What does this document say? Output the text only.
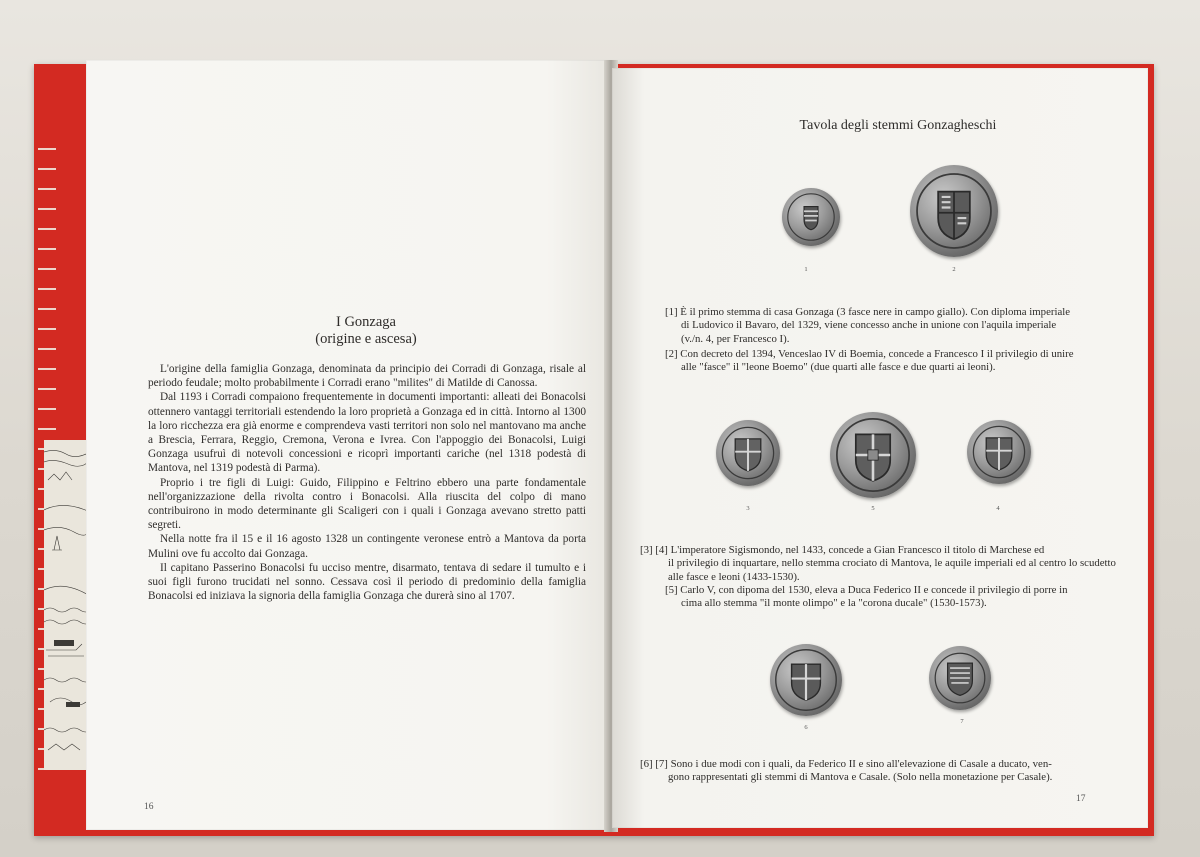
I Gonzaga
(origine e ascesa)

L'origine della famiglia Gonzaga, denominata da principio dei Corradi di Gonzaga, risale al periodo feudale; molto probabilmente i Corradi erano "milites" di Matilde di Canossa.

Dal 1193 i Corradi compaiono frequentemente in documenti importanti: alleati dei Bonacolsi ottennero vantaggi territoriali estendendo la loro proprietà a Gonzaga ed in città. Intorno al 1300 la loro ricchezza era già enorme e comprendeva vasti territori non solo nel mantovano ma anche a Brescia, Ferrara, Reggio, Cremona, Verona e Ivrea. Con l'appoggio dei Bonacolsi, Luigi Gonzaga usufruì di notevoli concessioni e ricoprì importanti cariche (nel 1318 podestà di Mantova, nel 1319 podestà di Parma).

Proprio i tre figli di Luigi: Guido, Filippino e Feltrino ebbero una parte fondamentale nell'organizzazione della rivolta contro i Bonacolsi. Alla riuscita del colpo di mano contribuirono in modo determinante gli Scaligeri con i quali i Gonzaga avevano stretto patti segreti.

Nella notte fra il 15 e il 16 agosto 1328 un contingente veronese entrò a Mantova da porta Mulini ove fu accolto dai Gonzaga.

Il capitano Passerino Bonacolsi fu ucciso mentre, disarmato, tentava di sedare il tumulto e i suoi figli furono trucidati nel sonno. Cessava così il periodo di predominio della famiglia Bonacolsi ed iniziava la signoria della famiglia Gonzaga che durerà sino al 1707.

16
Tavola degli stemmi Gonzagheschi
1	2
[1] È il primo stemma di casa Gonzaga (3 fasce nere in campo giallo). Con diploma imperiale
di Ludovico il Bavaro, del 1329, viene concesso anche in unione con l'aquila imperiale
(v./n. 4, per Francesco I).
[2] Con decreto del 1394, Venceslao IV di Boemia, concede a Francesco I il privilegio di unire
alle "fasce" il "leone Boemo" (due quarti alle fasce e due quarti ai leoni).
3	5	4
[3] [4] L'imperatore Sigismondo, nel 1433, concede a Gian Francesco il titolo di Marchese ed
il privilegio di inquartare, nello stemma crociato di Mantova, le aquile imperiali ed al centro lo scudetto alle fasce e leoni (1433-1530).
[5] Carlo V, con dipoma del 1530, eleva a Duca Federico II e concede il privilegio di porre in
cima allo stemma "il monte olimpo" e la "corona ducale" (1530-1573).
6
7
[6] [7] Sono i due modi con i quali, da Federico II e sino all'elevazione di Casale a ducato, ven-
gono rappresentati gli stemmi di Mantova e Casale. (Solo nella monetazione per Casale).
17
